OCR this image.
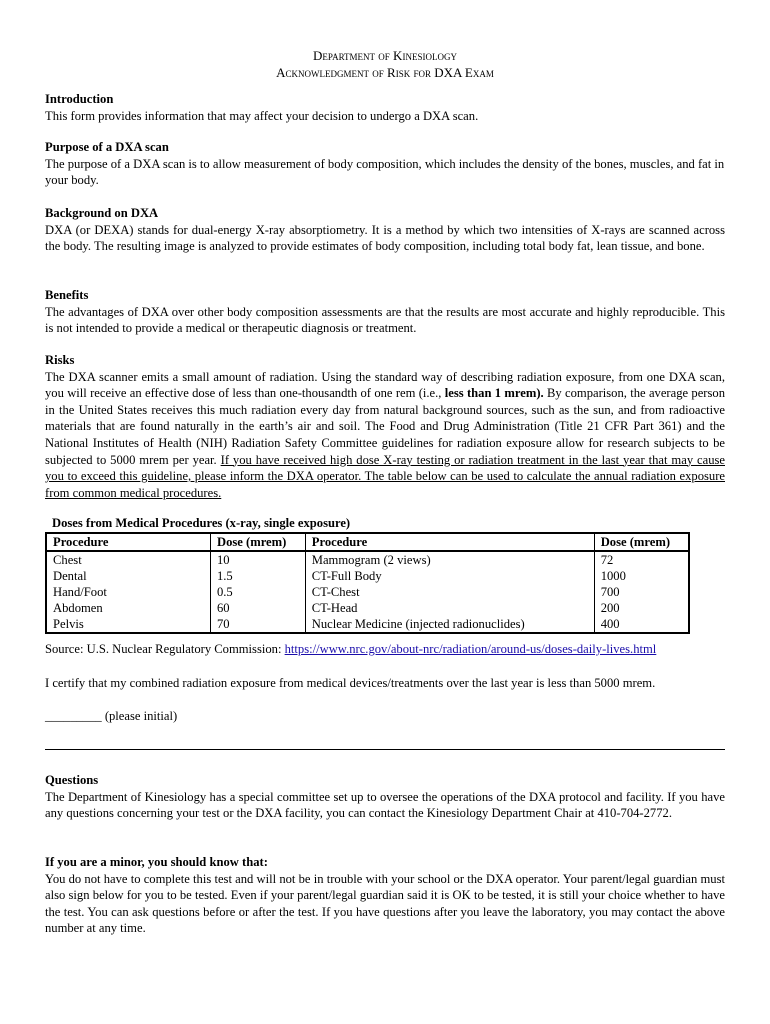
Department of Kinesiology
Acknowledgment of Risk for DXA Exam
Introduction
This form provides information that may affect your decision to undergo a DXA scan.
Purpose of a DXA scan
The purpose of a DXA scan is to allow measurement of body composition, which includes the density of the bones, muscles, and fat in your body.
Background on DXA
DXA (or DEXA) stands for dual-energy X-ray absorptiometry. It is a method by which two intensities of X-rays are scanned across the body. The resulting image is analyzed to provide estimates of body composition, including total body fat, lean tissue, and bone.
Benefits
The advantages of DXA over other body composition assessments are that the results are most accurate and highly reproducible. This is not intended to provide a medical or therapeutic diagnosis or treatment.
Risks
The DXA scanner emits a small amount of radiation. Using the standard way of describing radiation exposure, from one DXA scan, you will receive an effective dose of less than one-thousandth of one rem (i.e., less than 1 mrem). By comparison, the average person in the United States receives this much radiation every day from natural background sources, such as the sun, and from radioactive materials that are found naturally in the earth’s air and soil. The Food and Drug Administration (Title 21 CFR Part 361) and the National Institutes of Health (NIH) Radiation Safety Committee guidelines for radiation exposure allow for research subjects to be subjected to 5000 mrem per year. If you have received high dose X-ray testing or radiation treatment in the last year that may cause you to exceed this guideline, please inform the DXA operator. The table below can be used to calculate the annual radiation exposure from common medical procedures.
Doses from Medical Procedures (x-ray, single exposure)
Procedure	Dose (mrem)	Procedure	Dose (mrem)
Chest	10	Mammogram (2 views)	72
Dental	1.5	CT-Full Body	1000
Hand/Foot	0.5	CT-Chest	700
Abdomen	60	CT-Head	200
Pelvis	70	Nuclear Medicine (injected radionuclides)	400
Source: U.S. Nuclear Regulatory Commission: https://www.nrc.gov/about-nrc/radiation/around-us/doses-daily-lives.html
I certify that my combined radiation exposure from medical devices/treatments over the last year is less than 5000 mrem.
_________ (please initial)
Questions
The Department of Kinesiology has a special committee set up to oversee the operations of the DXA protocol and facility. If you have any questions concerning your test or the DXA facility, you can contact the Kinesiology Department Chair at 410-704-2772.
If you are a minor, you should know that:
You do not have to complete this test and will not be in trouble with your school or the DXA operator. Your parent/legal guardian must also sign below for you to be tested. Even if your parent/legal guardian said it is OK to be tested, it is still your choice whether to have the test. You can ask questions before or after the test. If you have questions after you leave the laboratory, you may contact the above number at any time.
